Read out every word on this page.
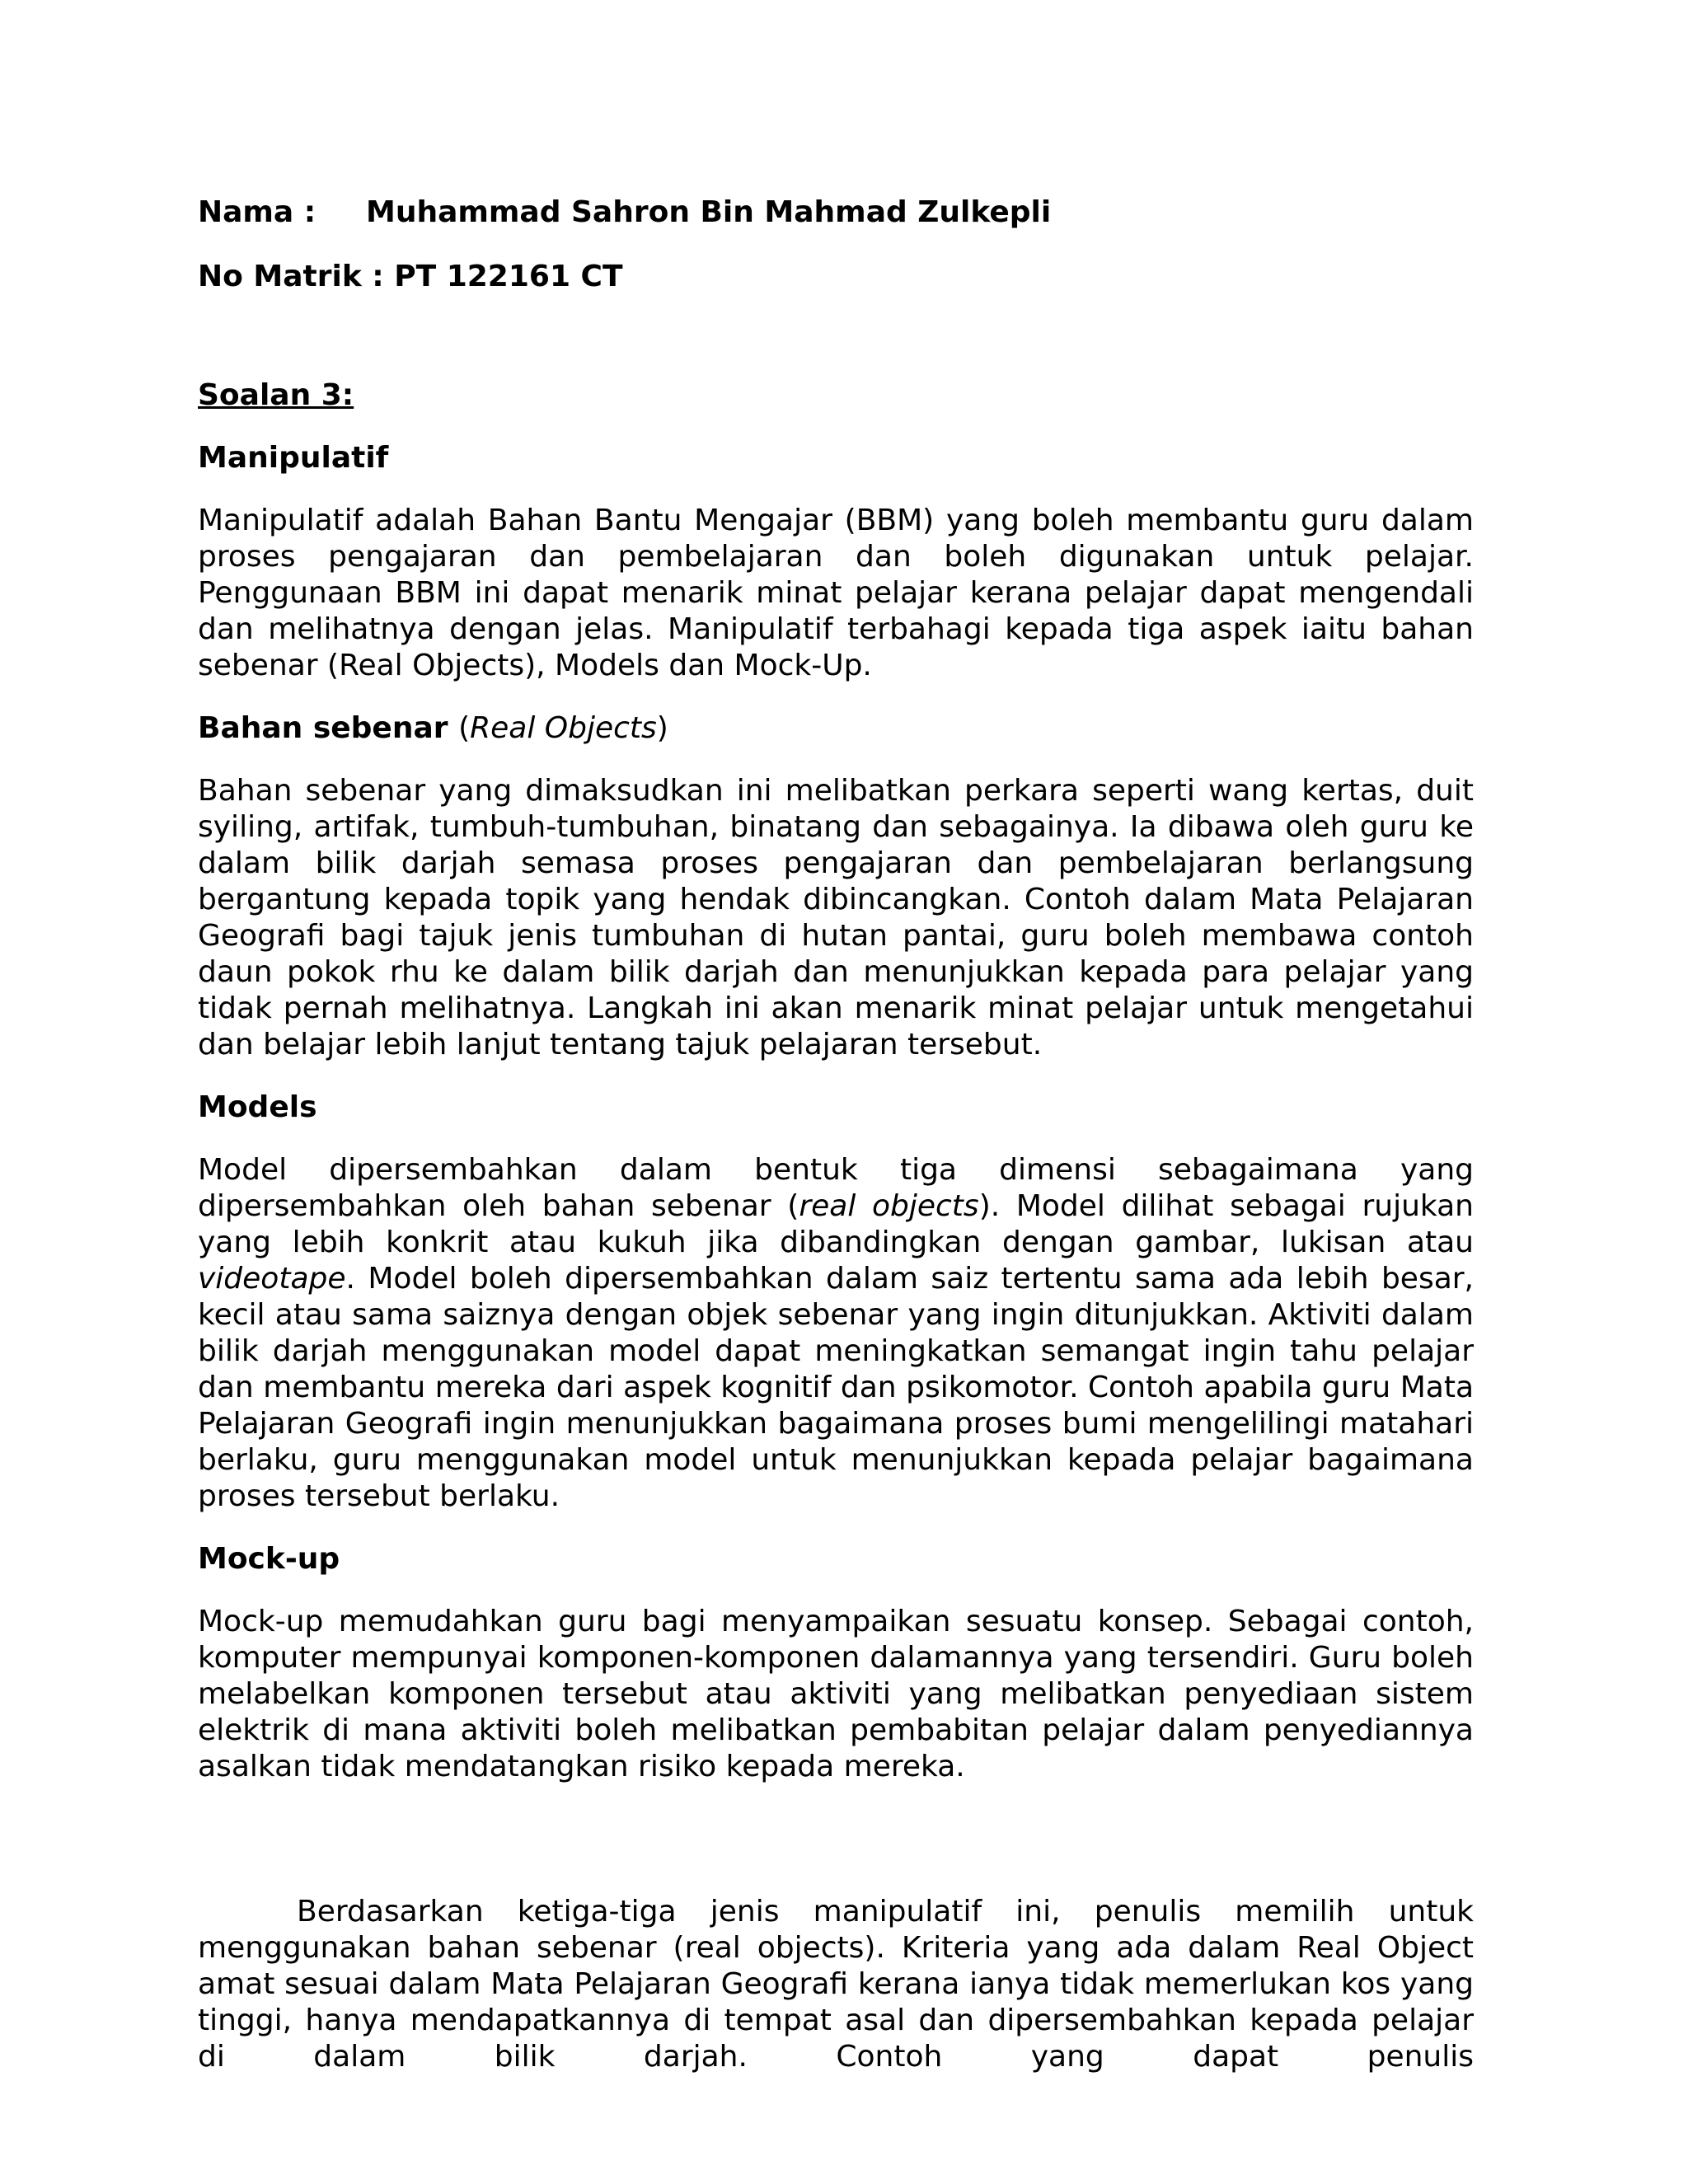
Nama : Muhammad Sahron Bin Mahmad Zulkepli
No Matrik : PT 122161 CT
Soalan 3:
Manipulatif
Manipulatif adalah Bahan Bantu Mengajar (BBM) yang boleh membantu guru dalam proses pengajaran dan pembelajaran dan boleh digunakan untuk pelajar. Penggunaan BBM ini dapat menarik minat pelajar kerana pelajar dapat mengendali dan melihatnya dengan jelas. Manipulatif terbahagi kepada tiga aspek iaitu bahan sebenar (Real Objects), Models dan Mock-Up.
Bahan sebenar (Real Objects)
Bahan sebenar yang dimaksudkan ini melibatkan perkara seperti wang kertas, duit syiling, artifak, tumbuh-tumbuhan, binatang dan sebagainya. Ia dibawa oleh guru ke dalam bilik darjah semasa proses pengajaran dan pembelajaran berlangsung bergantung kepada topik yang hendak dibincangkan. Contoh dalam Mata Pelajaran Geografi bagi tajuk jenis tumbuhan di hutan pantai, guru boleh membawa contoh daun pokok rhu ke dalam bilik darjah dan menunjukkan kepada para pelajar yang tidak pernah melihatnya. Langkah ini akan menarik minat pelajar untuk mengetahui dan belajar lebih lanjut tentang tajuk pelajaran tersebut.
Models
Model dipersembahkan dalam bentuk tiga dimensi sebagaimana yang dipersembahkan oleh bahan sebenar (real objects). Model dilihat sebagai rujukan yang lebih konkrit atau kukuh jika dibandingkan dengan gambar, lukisan atau videotape. Model boleh dipersembahkan dalam saiz tertentu sama ada lebih besar, kecil atau sama saiznya dengan objek sebenar yang ingin ditunjukkan. Aktiviti dalam bilik darjah menggunakan model dapat meningkatkan semangat ingin tahu pelajar dan membantu mereka dari aspek kognitif dan psikomotor. Contoh apabila guru Mata Pelajaran Geografi ingin menunjukkan bagaimana proses bumi mengelilingi matahari berlaku, guru menggunakan model untuk menunjukkan kepada pelajar bagaimana proses tersebut berlaku.
Mock-up
Mock-up memudahkan guru bagi menyampaikan sesuatu konsep. Sebagai contoh, komputer mempunyai komponen-komponen dalamannya yang tersendiri. Guru boleh melabelkan komponen tersebut atau aktiviti yang melibatkan penyediaan sistem elektrik di mana aktiviti boleh melibatkan pembabitan pelajar dalam penyediannya asalkan tidak mendatangkan risiko kepada mereka.
Berdasarkan ketiga-tiga jenis manipulatif ini, penulis memilih untuk menggunakan bahan sebenar (real objects). Kriteria yang ada dalam Real Object amat sesuai dalam Mata Pelajaran Geografi kerana ianya tidak memerlukan kos yang tinggi, hanya mendapatkannya di tempat asal dan dipersembahkan kepada pelajar di dalam bilik darjah. Contoh yang dapat penulis
